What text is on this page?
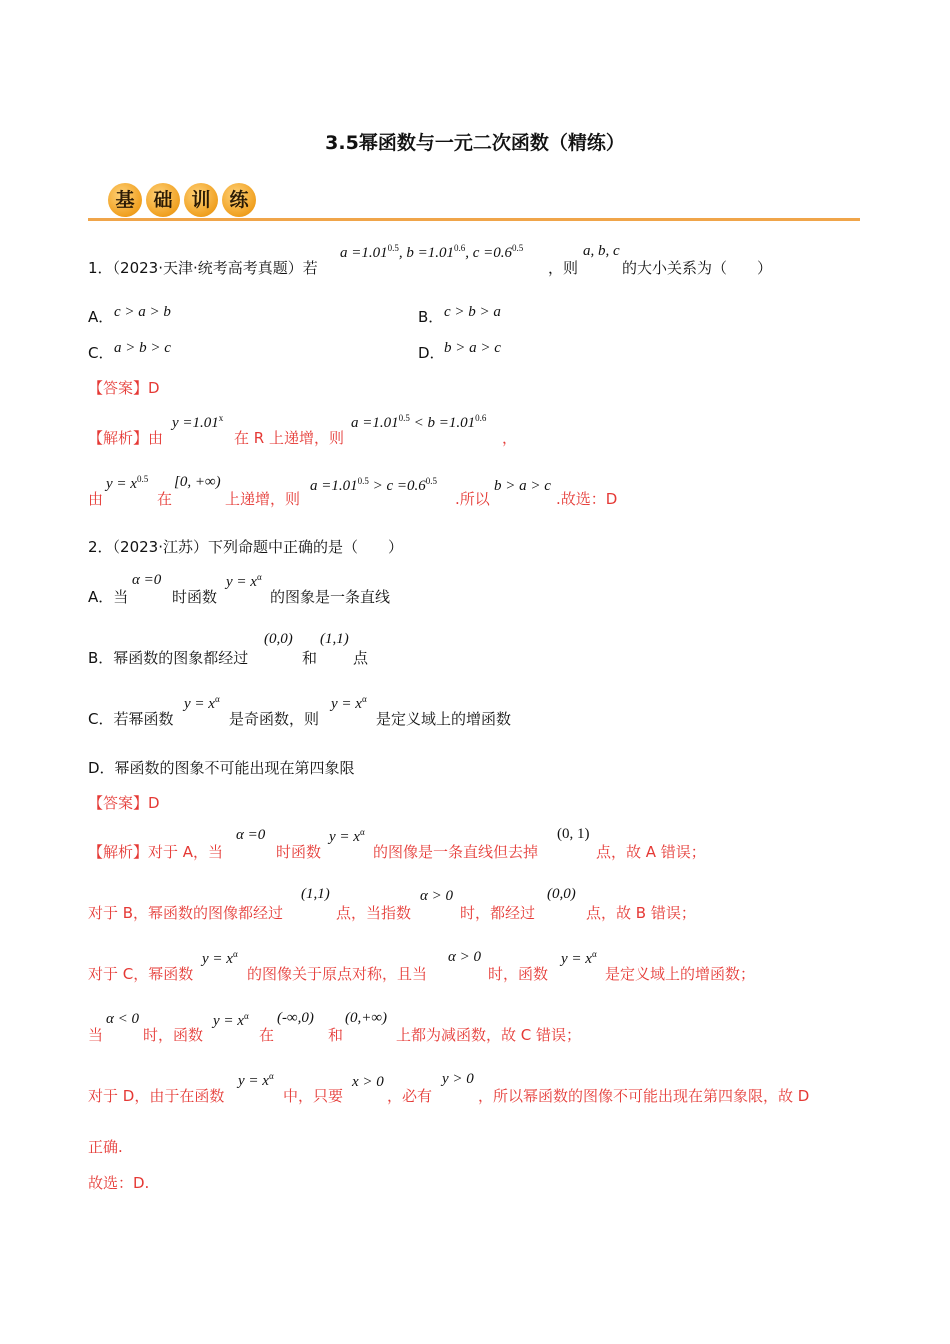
3.5幂函数与一元二次函数（精练）
基 础 训 练
1．（2023·天津·统考高考真题）若
$a =1.01^{0.5}$, $b =1.01^{0.6}$, $c =0.6^{0.5}$
，则
a, b, c
的大小关系为（　　）
A． c > a > b	B． c > b > a
C． a > b > c	D． b > a > c
【答案】D
【解析】由
$y =1.01^x$
在 R 上递增，则
$a =1.01^{0.5} < b =1.01^{0.6}$
，
由
$y = x^{0.5}$
在
[0, +∞)
上递增，则
$a =1.01^{0.5} > c =0.6^{0.5}$
.所以
b > a > c
.故选：D
2．（2023·江苏）下列命题中正确的是（　　）
A．当
α =0
时函数
$y = x^\alpha$
的图象是一条直线
B．幂函数的图象都经过
(0,0)
和
(1,1)
点
C．若幂函数
$y = x^\alpha$
是奇函数，则
$y = x^\alpha$
是定义域上的增函数
D．幂函数的图象不可能出现在第四象限
【答案】D
【解析】对于 A，当
α =0
时函数
$y = x^\alpha$
的图像是一条直线但去掉
(0, 1)
点，故 A 错误；
对于 B，幂函数的图像都经过
(1,1)
点，当指数
α > 0
时，都经过
(0,0)
点，故 B 错误；
对于 C，幂函数
$y = x^\alpha$
的图像关于原点对称，且当
α > 0
时，函数
$y = x^\alpha$
是定义域上的增函数；
当
α < 0
时，函数
$y = x^\alpha$
在
(-∞,0)
和
(0,+∞)
上都为减函数，故 C 错误；
对于 D，由于在函数
$y = x^\alpha$
中，只要
x > 0
，必有
y > 0
，所以幂函数的图像不可能出现在第四象限，故 D
正确.
故选：D.
